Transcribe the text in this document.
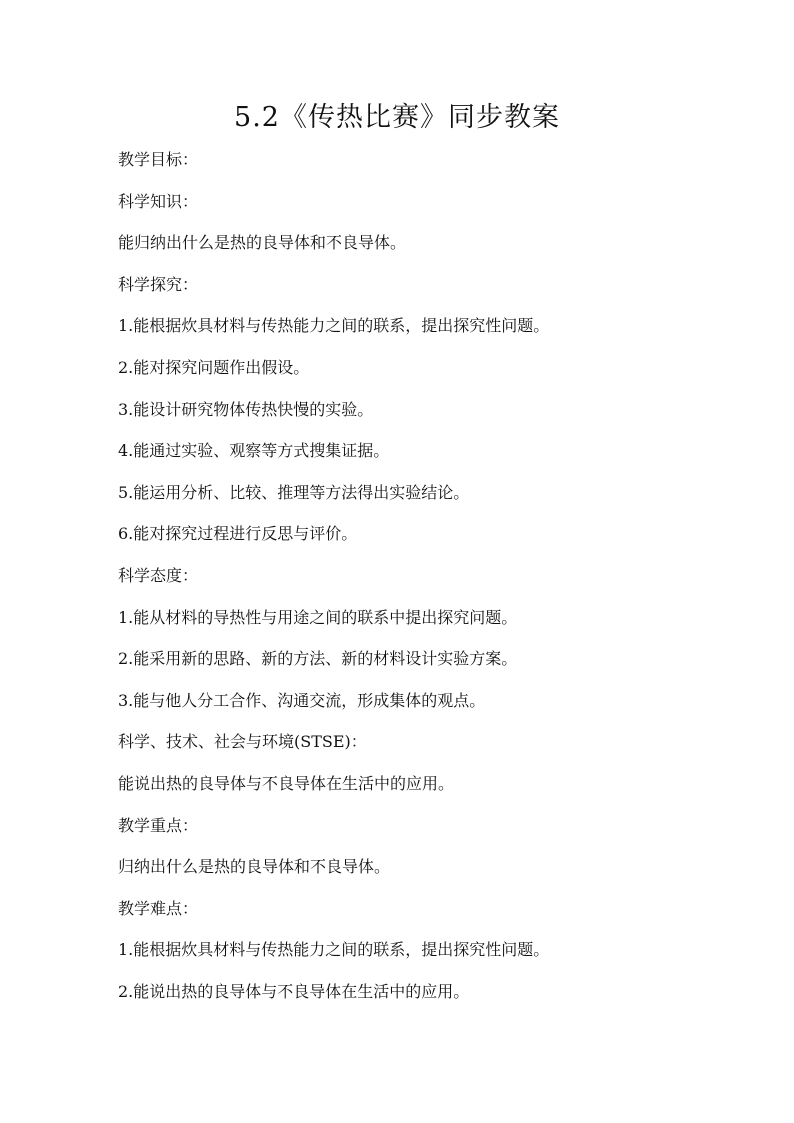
5.2《传热比赛》同步教案
教学目标：
科学知识：
能归纳出什么是热的良导体和不良导体。
科学探究：
1.能根据炊具材料与传热能力之间的联系，提出探究性问题。
2.能对探究问题作出假设。
3.能设计研究物体传热快慢的实验。
4.能通过实验、观察等方式搜集证据。
5.能运用分析、比较、推理等方法得出实验结论。
6.能对探究过程进行反思与评价。
科学态度：
1.能从材料的导热性与用途之间的联系中提出探究问题。
2.能采用新的思路、新的方法、新的材料设计实验方案。
3.能与他人分工合作、沟通交流，形成集体的观点。
科学、技术、社会与环境(STSE)：
能说出热的良导体与不良导体在生活中的应用。
教学重点：
归纳出什么是热的良导体和不良导体。
教学难点：
1.能根据炊具材料与传热能力之间的联系，提出探究性问题。
2.能说出热的良导体与不良导体在生活中的应用。
